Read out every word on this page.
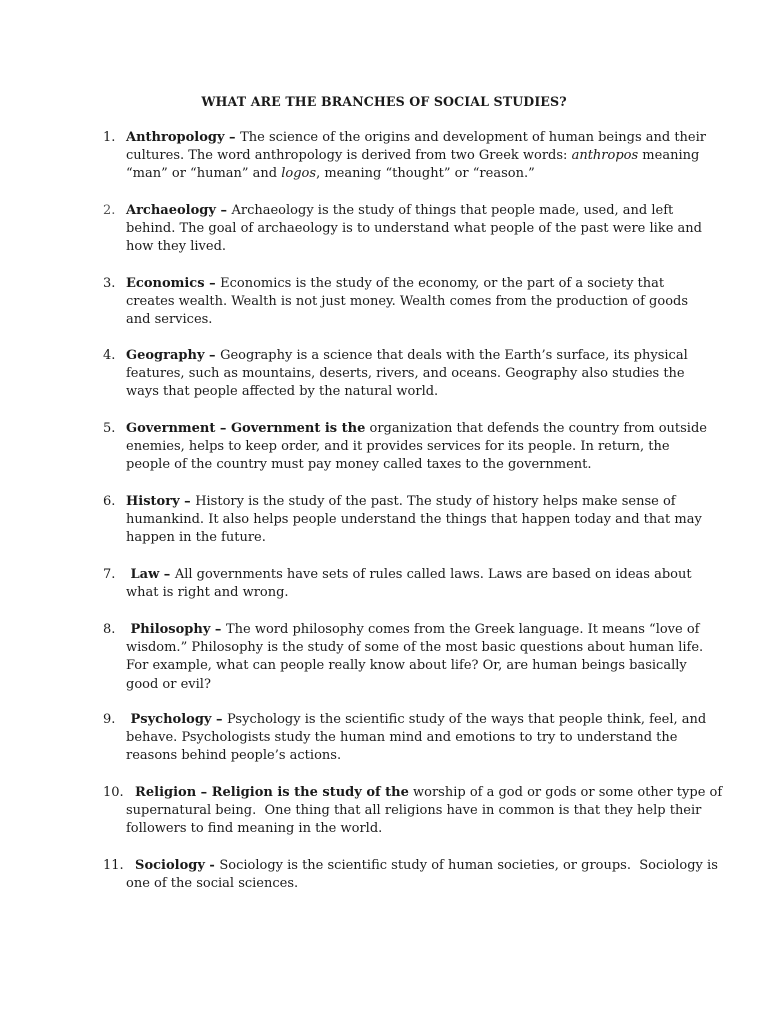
WHAT ARE THE BRANCHES OF SOCIAL STUDIES?
1. Anthropology – The science of the origins and development of human beings and their
cultures. The word anthropology is derived from two Greek words: anthropos meaning
“man” or “human” and logos, meaning “thought” or “reason.”
2. Archaeology – Archaeology is the study of things that people made, used, and left
behind. The goal of archaeology is to understand what people of the past were like and
how they lived.
3. Economics – Economics is the study of the economy, or the part of a society that
creates wealth. Wealth is not just money. Wealth comes from the production of goods
and services.
4. Geography – Geography is a science that deals with the Earth’s surface, its physical
features, such as mountains, deserts, rivers, and oceans. Geography also studies the
ways that people affected by the natural world.
5. Government – Government is the organization that defends the country from outside
enemies, helps to keep order, and it provides services for its people. In return, the
people of the country must pay money called taxes to the government.
6. History – History is the study of the past. The study of history helps make sense of
humankind. It also helps people understand the things that happen today and that may
happen in the future.
7. Law – All governments have sets of rules called laws. Laws are based on ideas about
what is right and wrong.
8. Philosophy – The word philosophy comes from the Greek language. It means “love of
wisdom.” Philosophy is the study of some of the most basic questions about human life.
For example, what can people really know about life? Or, are human beings basically
good or evil?
9. Psychology – Psychology is the scientific study of the ways that people think, feel, and
behave. Psychologists study the human mind and emotions to try to understand the
reasons behind people’s actions.
10. Religion – Religion is the study of the worship of a god or gods or some other type of
supernatural being.  One thing that all religions have in common is that they help their
followers to find meaning in the world.
11. Sociology - Sociology is the scientific study of human societies, or groups.  Sociology is
one of the social sciences.
